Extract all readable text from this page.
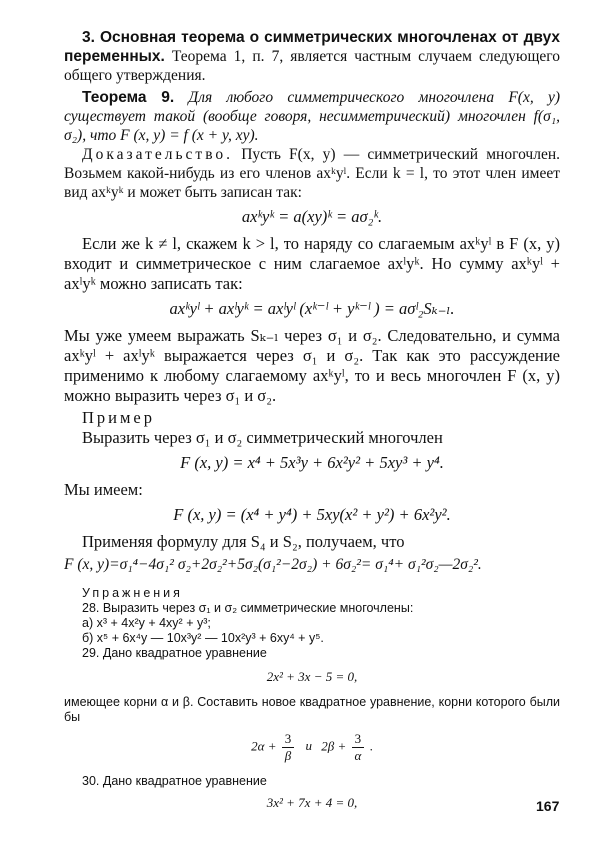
3. Основная теорема о симметрических многочленах от двух переменных. Теорема 1, п. 7, является частным случаем следующего общего утверждения.

Теорема 9. Для любого симметрического многочлена F(x, y) существует такой (вообще говоря, несимметрический) многочлен f(σ₁, σ₂), что F (x, y) = f (x + y, xy).

Доказательство. Пусть F(x, y) — симметрический многочлен. Возьмем какой-нибудь из его членов axᵏyˡ. Если k = l, то этот член имеет вид axᵏyᵏ и может быть записан так:

axᵏyᵏ = a(xy)ᵏ = aσ₂ᵏ.

Если же k ≠ l, скажем k > l, то наряду со слагаемым axᵏyˡ в F (x, y) входит и симметрическое с ним слагаемое axˡyᵏ. Но сумму axᵏyˡ + axˡyᵏ можно записать так:

axᵏyˡ + axˡyᵏ = axˡyˡ (xᵏ⁻ˡ + yᵏ⁻ˡ ) = aσˡ₂Sₖ₋ₗ.

Мы уже умеем выражать Sₖ₋ₗ через σ₁ и σ₂. Следовательно, и сумма axᵏyˡ + axˡyᵏ выражается через σ₁ и σ₂. Так как это рассуждение применимо к любому слагаемому axᵏyˡ, то и весь многочлен F (x, y) можно выразить через σ₁ и σ₂.

Пример

Выразить через σ₁ и σ₂ симметрический многочлен

F (x, y) = x⁴ + 5x³y + 6x²y² + 5xy³ + y⁴.

Мы имеем:

F (x, y) = (x⁴ + y⁴) + 5xy(x² + y²) + 6x²y².

Применяя формулу для S₄ и S₂, получаем, что

F (x, y)=σ₁⁴−4σ₁² σ₂+2σ₂²+5σ₂(σ₁²−2σ₂) + 6σ₂²= σ₁⁴+ σ₁²σ₂—2σ₂².

Упражнения

28. Выразить через σ₁ и σ₂ симметрические многочлены:

а) x³ + 4x²y + 4xy² + y³;

б) x⁵ + 6x⁴y — 10x³y² — 10x²y³ + 6xy⁴ + y⁵.

29. Дано квадратное уравнение

2x² + 3x − 5 = 0,

имеющее корни α и β. Составить новое квадратное уравнение, корни которого были бы

$2\alpha + \frac{3}{\beta}$ и $2\beta + \frac{3}{\alpha}$ .

30. Дано квадратное уравнение

3x² + 7x + 4 = 0,	167
